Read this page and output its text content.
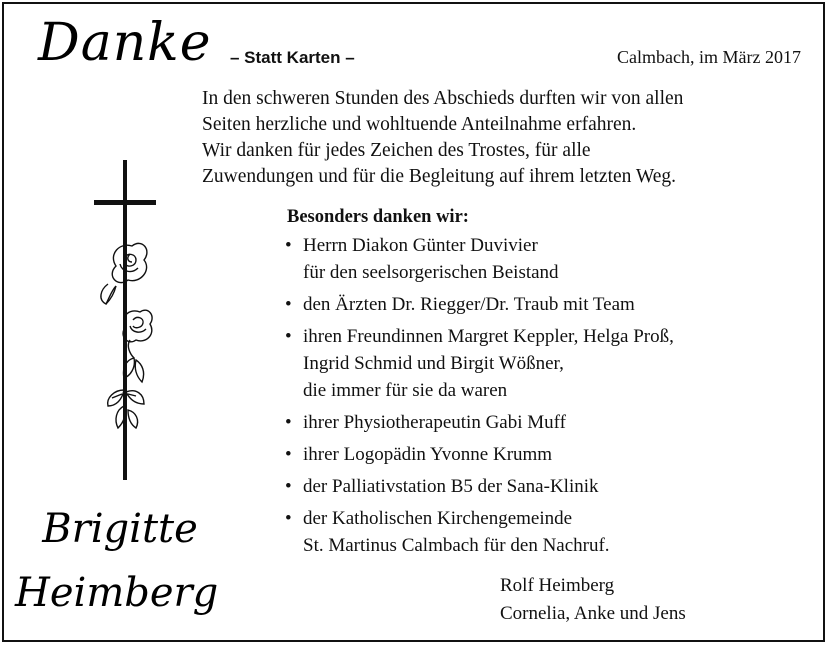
Danke – Statt Karten –	Calmbach, im März 2017
In den schweren Stunden des Abschieds durften wir von allen
Seiten herzliche und wohltuende Anteilnahme erfahren.
Wir danken für jedes Zeichen des Trostes, für alle
Zuwendungen und für die Begleitung auf ihrem letzten Weg.
Besonders danken wir:
• Herrn Diakon Günter Duvivier
für den seelsorgerischen Beistand
• den Ärzten Dr. Riegger/Dr. Traub mit Team
• ihren Freundinnen Margret Keppler, Helga Proß,
Ingrid Schmid und Birgit Wößner,
die immer für sie da waren
• ihrer Physiotherapeutin Gabi Muff
• ihrer Logopädin Yvonne Krumm
• der Palliativstation B5 der Sana-Klinik
• der Katholischen Kirchengemeinde
St. Martinus Calmbach für den Nachruf.
Brigitte
Heimberg	Rolf Heimberg
Cornelia, Anke und Jens
